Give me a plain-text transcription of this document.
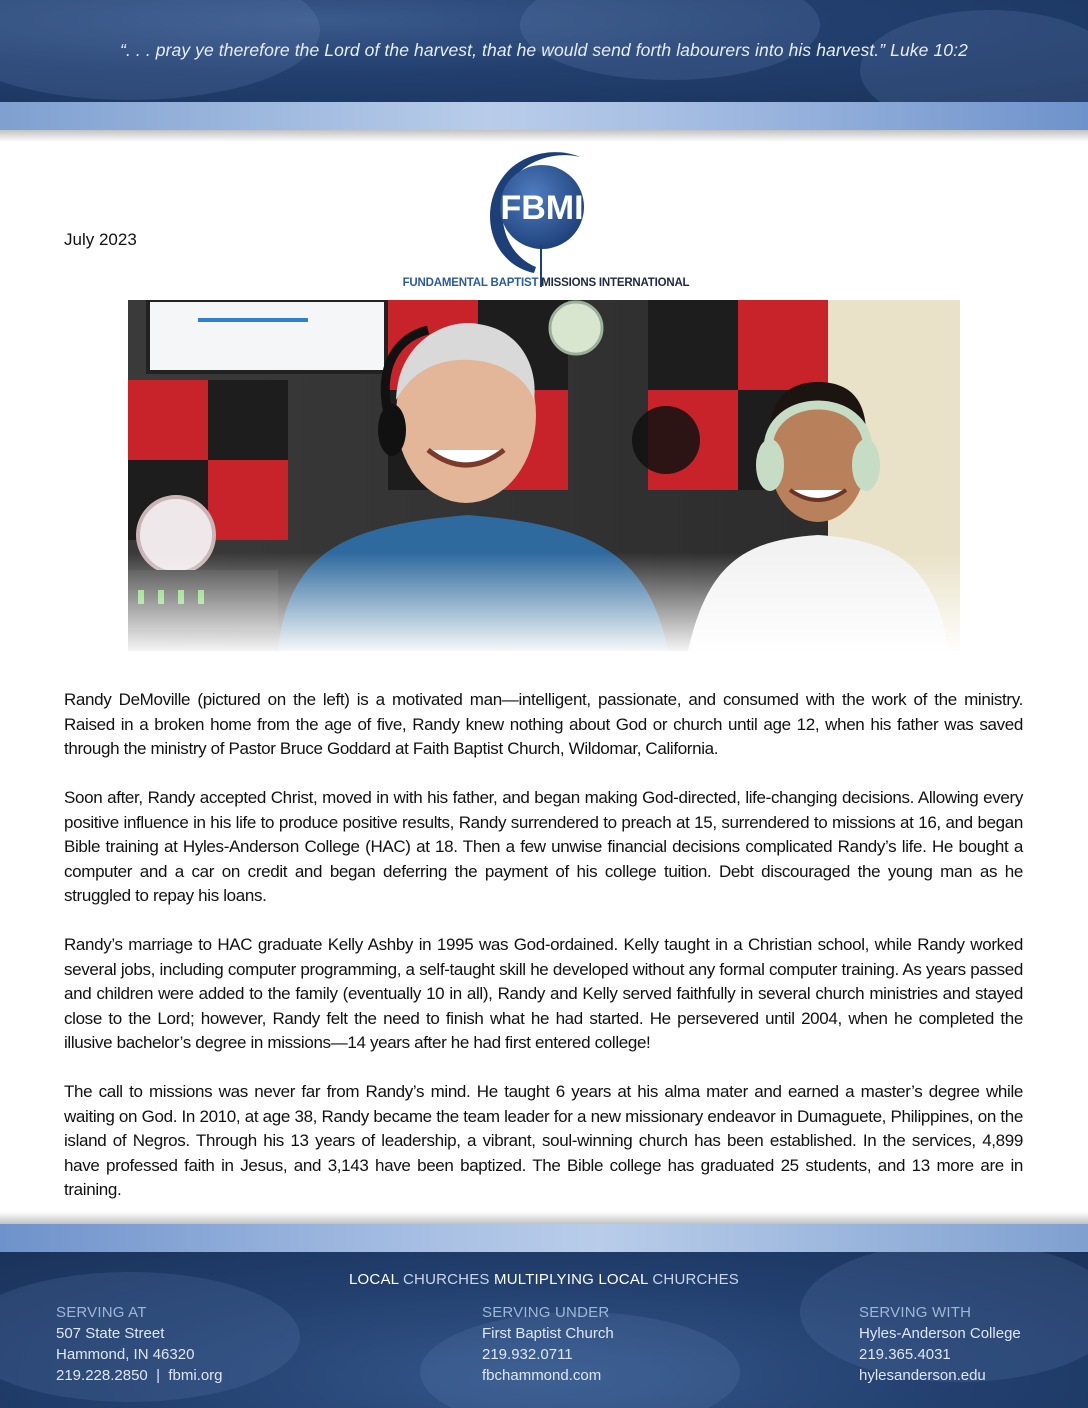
“. . . pray ye therefore the Lord of the harvest, that he would send forth labourers into his harvest.” Luke 10:2
FBMI
FUNDAMENTAL BAPTIST MISSIONS INTERNATIONAL
July 2023

Randy DeMoville (pictured on the left) is a motivated man—intelligent, passionate, and consumed with the work of the ministry. Raised in a broken home from the age of five, Randy knew nothing about God or church until age 12, when his father was saved through the ministry of Pastor Bruce Goddard at Faith Baptist Church, Wildomar, California.

Soon after, Randy accepted Christ, moved in with his father, and began making God-directed, life-changing decisions. Allowing every positive influence in his life to produce positive results, Randy surrendered to preach at 15, surrendered to missions at 16, and began Bible training at Hyles-Anderson College (HAC) at 18. Then a few unwise financial decisions complicated Randy’s life. He bought a computer and a car on credit and began deferring the payment of his college tuition. Debt discouraged the young man as he struggled to repay his loans.

Randy’s marriage to HAC graduate Kelly Ashby in 1995 was God-ordained. Kelly taught in a Christian school, while Randy worked several jobs, including computer programming, a self-taught skill he developed without any formal computer training. As years passed and children were added to the family (eventually 10 in all), Randy and Kelly served faithfully in several church ministries and stayed close to the Lord; however, Randy felt the need to finish what he had started. He persevered until 2004, when he completed the illusive bachelor’s degree in missions—14 years after he had first entered college!

The call to missions was never far from Randy’s mind. He taught 6 years at his alma mater and earned a master’s degree while waiting on God. In 2010, at age 38, Randy became the team leader for a new missionary endeavor in Dumaguete, Philippines, on the island of Negros. Through his 13 years of leadership, a vibrant, soul-winning church has been established. In the services, 4,899 have professed faith in Jesus, and 3,143 have been baptized. The Bible college has graduated 25 students, and 13 more are in training.

LOCAL CHURCHES MULTIPLYING LOCAL CHURCHES
SERVING AT
507 State Street
Hammond, IN 46320
219.228.2850  |  fbmi.org
SERVING UNDER
First Baptist Church
219.932.0711
fbchammond.com
SERVING WITH
Hyles-Anderson College
219.365.4031
hylesanderson.edu
